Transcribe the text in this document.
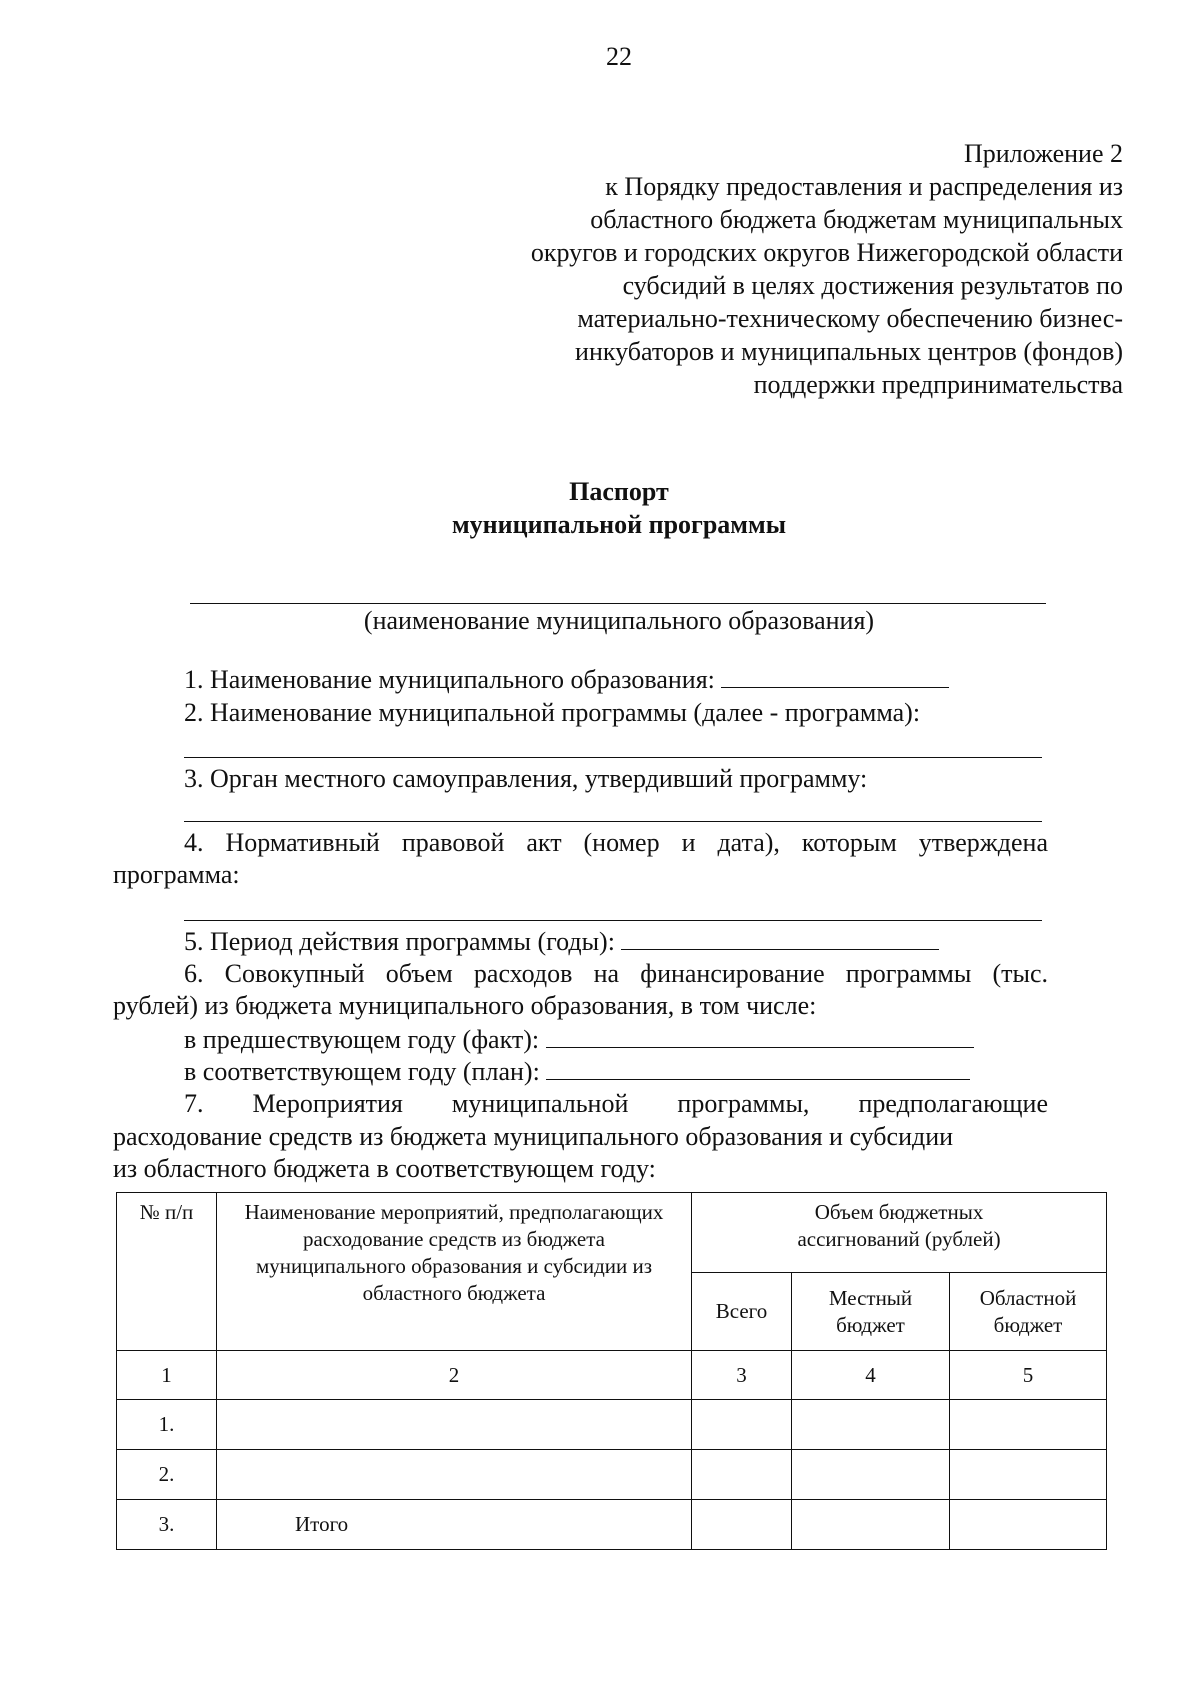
22
Приложение 2
к Порядку предоставления и распределения из
областного бюджета бюджетам муниципальных
округов и городских округов Нижегородской области
субсидий в целях достижения результатов по
материально-техническому обеспечению бизнес-
инкубаторов и муниципальных центров (фондов)
поддержки предпринимательства
Паспорт
муниципальной программы
(наименование муниципального образования)
1. Наименование муниципального образования:
2. Наименование муниципальной программы (далее - программа):
3. Орган местного самоуправления, утвердивший программу:
4. Нормативный правовой акт (номер и дата), которым утверждена
программа:
5. Период действия программы (годы):
6. Совокупный объем расходов на финансирование программы (тыс.
рублей) из бюджета муниципального образования, в том числе:
в предшествующем году (факт):
в соответствующем году (план):
7. Мероприятия муниципальной программы, предполагающие
расходование средств из бюджета муниципального образования и субсидии
из областного бюджета в соответствующем году:
№ п/п	Наименование мероприятий, предполагающих расходование средств из бюджета муниципального образования и субсидии из областного бюджета	Объем бюджетных ассигнований (рублей)		
		Всего	Местный бюджет	Областной бюджет
1	2	3	4	5
1.				
2.				
3.	Итого			
